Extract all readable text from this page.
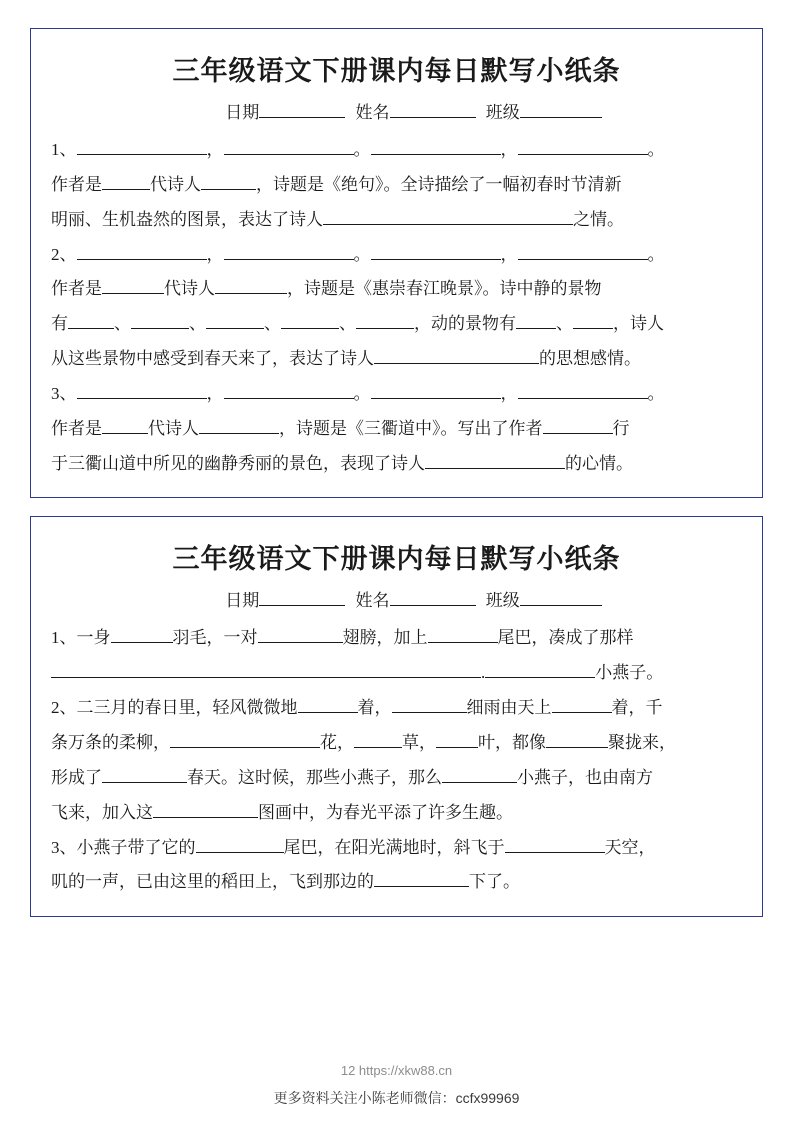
三年级语文下册课内每日默写小纸条
日期	姓名	班级
1、	，	。	，	。
作者是	代诗人	，诗题是《绝句》。全诗描绘了一幅初春时节清新
明丽、生机盎然的图景，表达了诗人	之情。
2、	，	。	，	。
作者是	代诗人	，诗题是《惠崇春江晚景》。诗中静的景物
有	、	、	、	、	，动的景物有 、 ，诗人
从这些景物中感受到春天来了，表达了诗人	的思想感情。
3、	，	。	，	。
作者是	代诗人	，诗题是《三衢道中》。写出了作者	行
于三衢山道中所见的幽静秀丽的景色，表现了诗人	的心情。
三年级语文下册课内每日默写小纸条
日期	姓名	班级
1、一身	羽毛，一对	翅膀，加上	尾巴，凑成了那样
.	小燕子。
2、二三月的春日里，轻风微微地	着，	细雨由天上	着，千
条万条的柔柳，	花，	草， 叶，都像	聚拢来，
形成了	春天。这时候，那些小燕子，那么	小燕子，也由南方
飞来，加入这	图画中，为春光平添了许多生趣。
3、小燕子带了它的	尾巴，在阳光满地时，斜飞于	天空，
叽的一声，已由这里的稻田上，飞到那边的	下了。
12 https://xkw88.cn
更多资料关注小陈老师微信：ccfx99969
